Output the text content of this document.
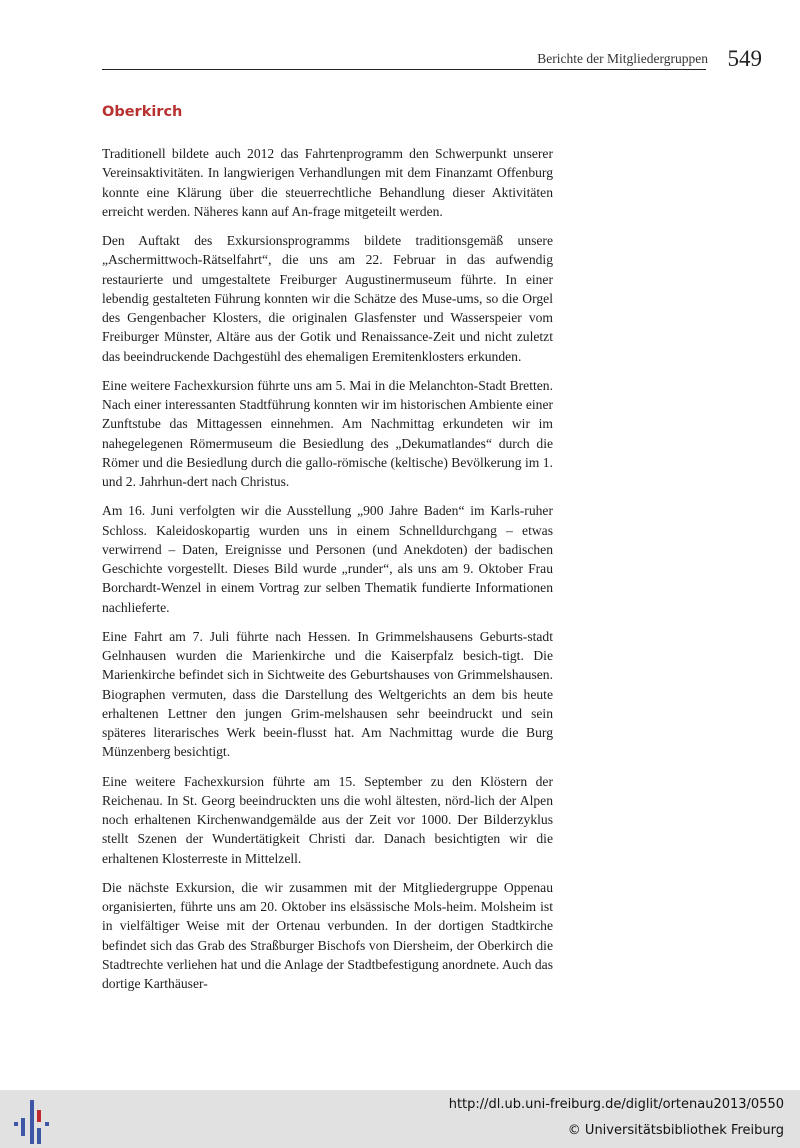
Berichte der Mitgliedergruppen 549
Oberkirch

Traditionell bildete auch 2012 das Fahrtenprogramm den Schwerpunkt unserer Vereinsaktivitäten. In langwierigen Verhandlungen mit dem Finanzamt Offenburg konnte eine Klärung über die steuerrechtliche Behandlung dieser Aktivitäten erreicht werden. Näheres kann auf An-frage mitgeteilt werden.

Den Auftakt des Exkursionsprogramms bildete traditionsgemäß unsere „Aschermittwoch-Rätselfahrt“, die uns am 22. Februar in das aufwendig restaurierte und umgestaltete Freiburger Augustinermuseum führte. In einer lebendig gestalteten Führung konnten wir die Schätze des Muse-ums, so die Orgel des Gengenbacher Klosters, die originalen Glasfenster und Wasserspeier vom Freiburger Münster, Altäre aus der Gotik und Renaissance-Zeit und nicht zuletzt das beeindruckende Dachgestühl des ehemaligen Eremitenklosters erkunden.

Eine weitere Fachexkursion führte uns am 5. Mai in die Melanchton-Stadt Bretten. Nach einer interessanten Stadtführung konnten wir im historischen Ambiente einer Zunftstube das Mittagessen einnehmen. Am Nachmittag erkundeten wir im nahegelegenen Römermuseum die Besiedlung des „Dekumatlandes“ durch die Römer und die Besiedlung durch die gallo-römische (keltische) Bevölkerung im 1. und 2. Jahrhun-dert nach Christus.

Am 16. Juni verfolgten wir die Ausstellung „900 Jahre Baden“ im Karls-ruher Schloss. Kaleidoskopartig wurden uns in einem Schnelldurchgang – etwas verwirrend – Daten, Ereignisse und Personen (und Anekdoten) der badischen Geschichte vorgestellt. Dieses Bild wurde „runder“, als uns am 9. Oktober Frau Borchardt-Wenzel in einem Vortrag zur selben Thematik fundierte Informationen nachlieferte.

Eine Fahrt am 7. Juli führte nach Hessen. In Grimmelshausens Geburts-stadt Gelnhausen wurden die Marienkirche und die Kaiserpfalz besich-tigt. Die Marienkirche befindet sich in Sichtweite des Geburtshauses von Grimmelshausen. Biographen vermuten, dass die Darstellung des Weltgerichts an dem bis heute erhaltenen Lettner den jungen Grim-melshausen sehr beeindruckt und sein späteres literarisches Werk beein-flusst hat. Am Nachmittag wurde die Burg Münzenberg besichtigt.

Eine weitere Fachexkursion führte am 15. September zu den Klöstern der Reichenau. In St. Georg beeindruckten uns die wohl ältesten, nörd-lich der Alpen noch erhaltenen Kirchenwandgemälde aus der Zeit vor 1000. Der Bilderzyklus stellt Szenen der Wundertätigkeit Christi dar. Danach besichtigten wir die erhaltenen Klosterreste in Mittelzell.

Die nächste Exkursion, die wir zusammen mit der Mitgliedergruppe Oppenau organisierten, führte uns am 20. Oktober ins elsässische Mols-heim. Molsheim ist in vielfältiger Weise mit der Ortenau verbunden. In der dortigen Stadtkirche befindet sich das Grab des Straßburger Bischofs von Diersheim, der Oberkirch die Stadtrechte verliehen hat und die Anlage der Stadtbefestigung anordnete. Auch das dortige Karthäuser-

http://dl.ub.uni-freiburg.de/diglit/ortenau2013/0550
© Universitätsbibliothek Freiburg
